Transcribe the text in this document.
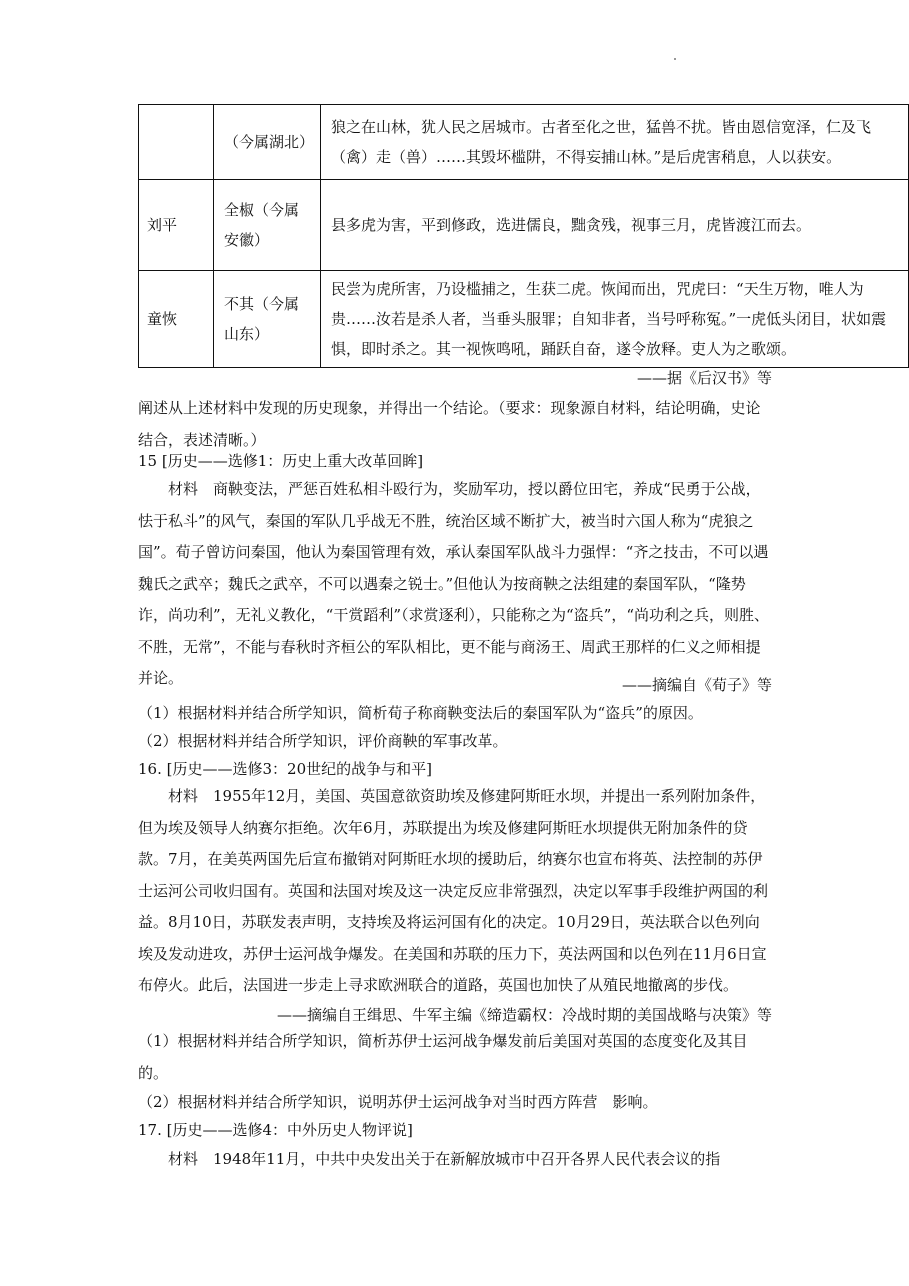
	（今属湖北）	狼之在山林，犹人民之居城市。古者至化之世，猛兽不扰。皆由恩信宽泽，仁及飞（禽）走（兽）……其毁坏槛阱，不得妄捕山林。”是后虎害稍息，人以获安。
刘平	全椒（今属安徽）	县多虎为害，平到修政，选进儒良，黜贪残，视事三月，虎皆渡江而去。
童恢	不其（今属山东）	民尝为虎所害，乃设槛捕之，生获二虎。恢闻而出，咒虎曰：“天生万物，唯人为贵……汝若是杀人者，当垂头服罪；自知非者，当号呼称冤。”一虎低头闭目，状如震惧，即时杀之。其一视恢鸣吼，踊跃自奋，遂令放释。吏人为之歌颂。
——据《后汉书》等
阐述从上述材料中发现的历史现象，并得出一个结论。（要求：现象源自材料，结论明确，史论结合，表述清晰。）
15 [历史——选修1：历史上重大改革回眸]
材料　商鞅变法，严惩百姓私相斗殴行为，奖励军功，授以爵位田宅，养成“民勇于公战，怯于私斗”的风气，秦国的军队几乎战无不胜，统治区域不断扩大，被当时六国人称为“虎狼之国”。荀子曾访问秦国，他认为秦国管理有效，承认秦国军队战斗力强悍：“齐之技击，不可以遇魏氏之武卒；魏氏之武卒，不可以遇秦之锐士。”但他认为按商鞅之法组建的秦国军队，“隆势诈，尚功利”，无礼义教化，“干赏蹈利”（求赏逐利），只能称之为“盗兵”，“尚功利之兵，则胜、不胜，无常”，不能与春秋时齐桓公的军队相比，更不能与商汤王、周武王那样的仁义之师相提并论。	——摘编自《荀子》等
（1）根据材料并结合所学知识，简析荀子称商鞅变法后的秦国军队为“盗兵”的原因。
（2）根据材料并结合所学知识，评价商鞅的军事改革。
16. [历史——选修3：20世纪的战争与和平]
材料　1955年12月，美国、英国意欲资助埃及修建阿斯旺水坝，并提出一系列附加条件，但为埃及领导人纳赛尔拒绝。次年6月，苏联提出为埃及修建阿斯旺水坝提供无附加条件的贷款。7月，在美英两国先后宣布撤销对阿斯旺水坝的援助后，纳赛尔也宣布将英、法控制的苏伊士运河公司收归国有。英国和法国对埃及这一决定反应非常强烈，决定以军事手段维护两国的利益。8月10日，苏联发表声明，支持埃及将运河国有化的决定。10月29日，英法联合以色列向埃及发动进攻，苏伊士运河战争爆发。在美国和苏联的压力下，英法两国和以色列在11月6日宣布停火。此后，法国进一步走上寻求欧洲联合的道路，英国也加快了从殖民地撤离的步伐。
——摘编自王缉思、牛军主编《缔造霸权：冷战时期的美国战略与决策》等
（1）根据材料并结合所学知识，简析苏伊士运河战争爆发前后美国对英国的态度变化及其目的。
（2）根据材料并结合所学知识，说明苏伊士运河战争对当时西方阵营　影响。
17. [历史——选修4：中外历史人物评说]
材料　1948年11月，中共中央发出关于在新解放城市中召开各界人民代表会议的指
